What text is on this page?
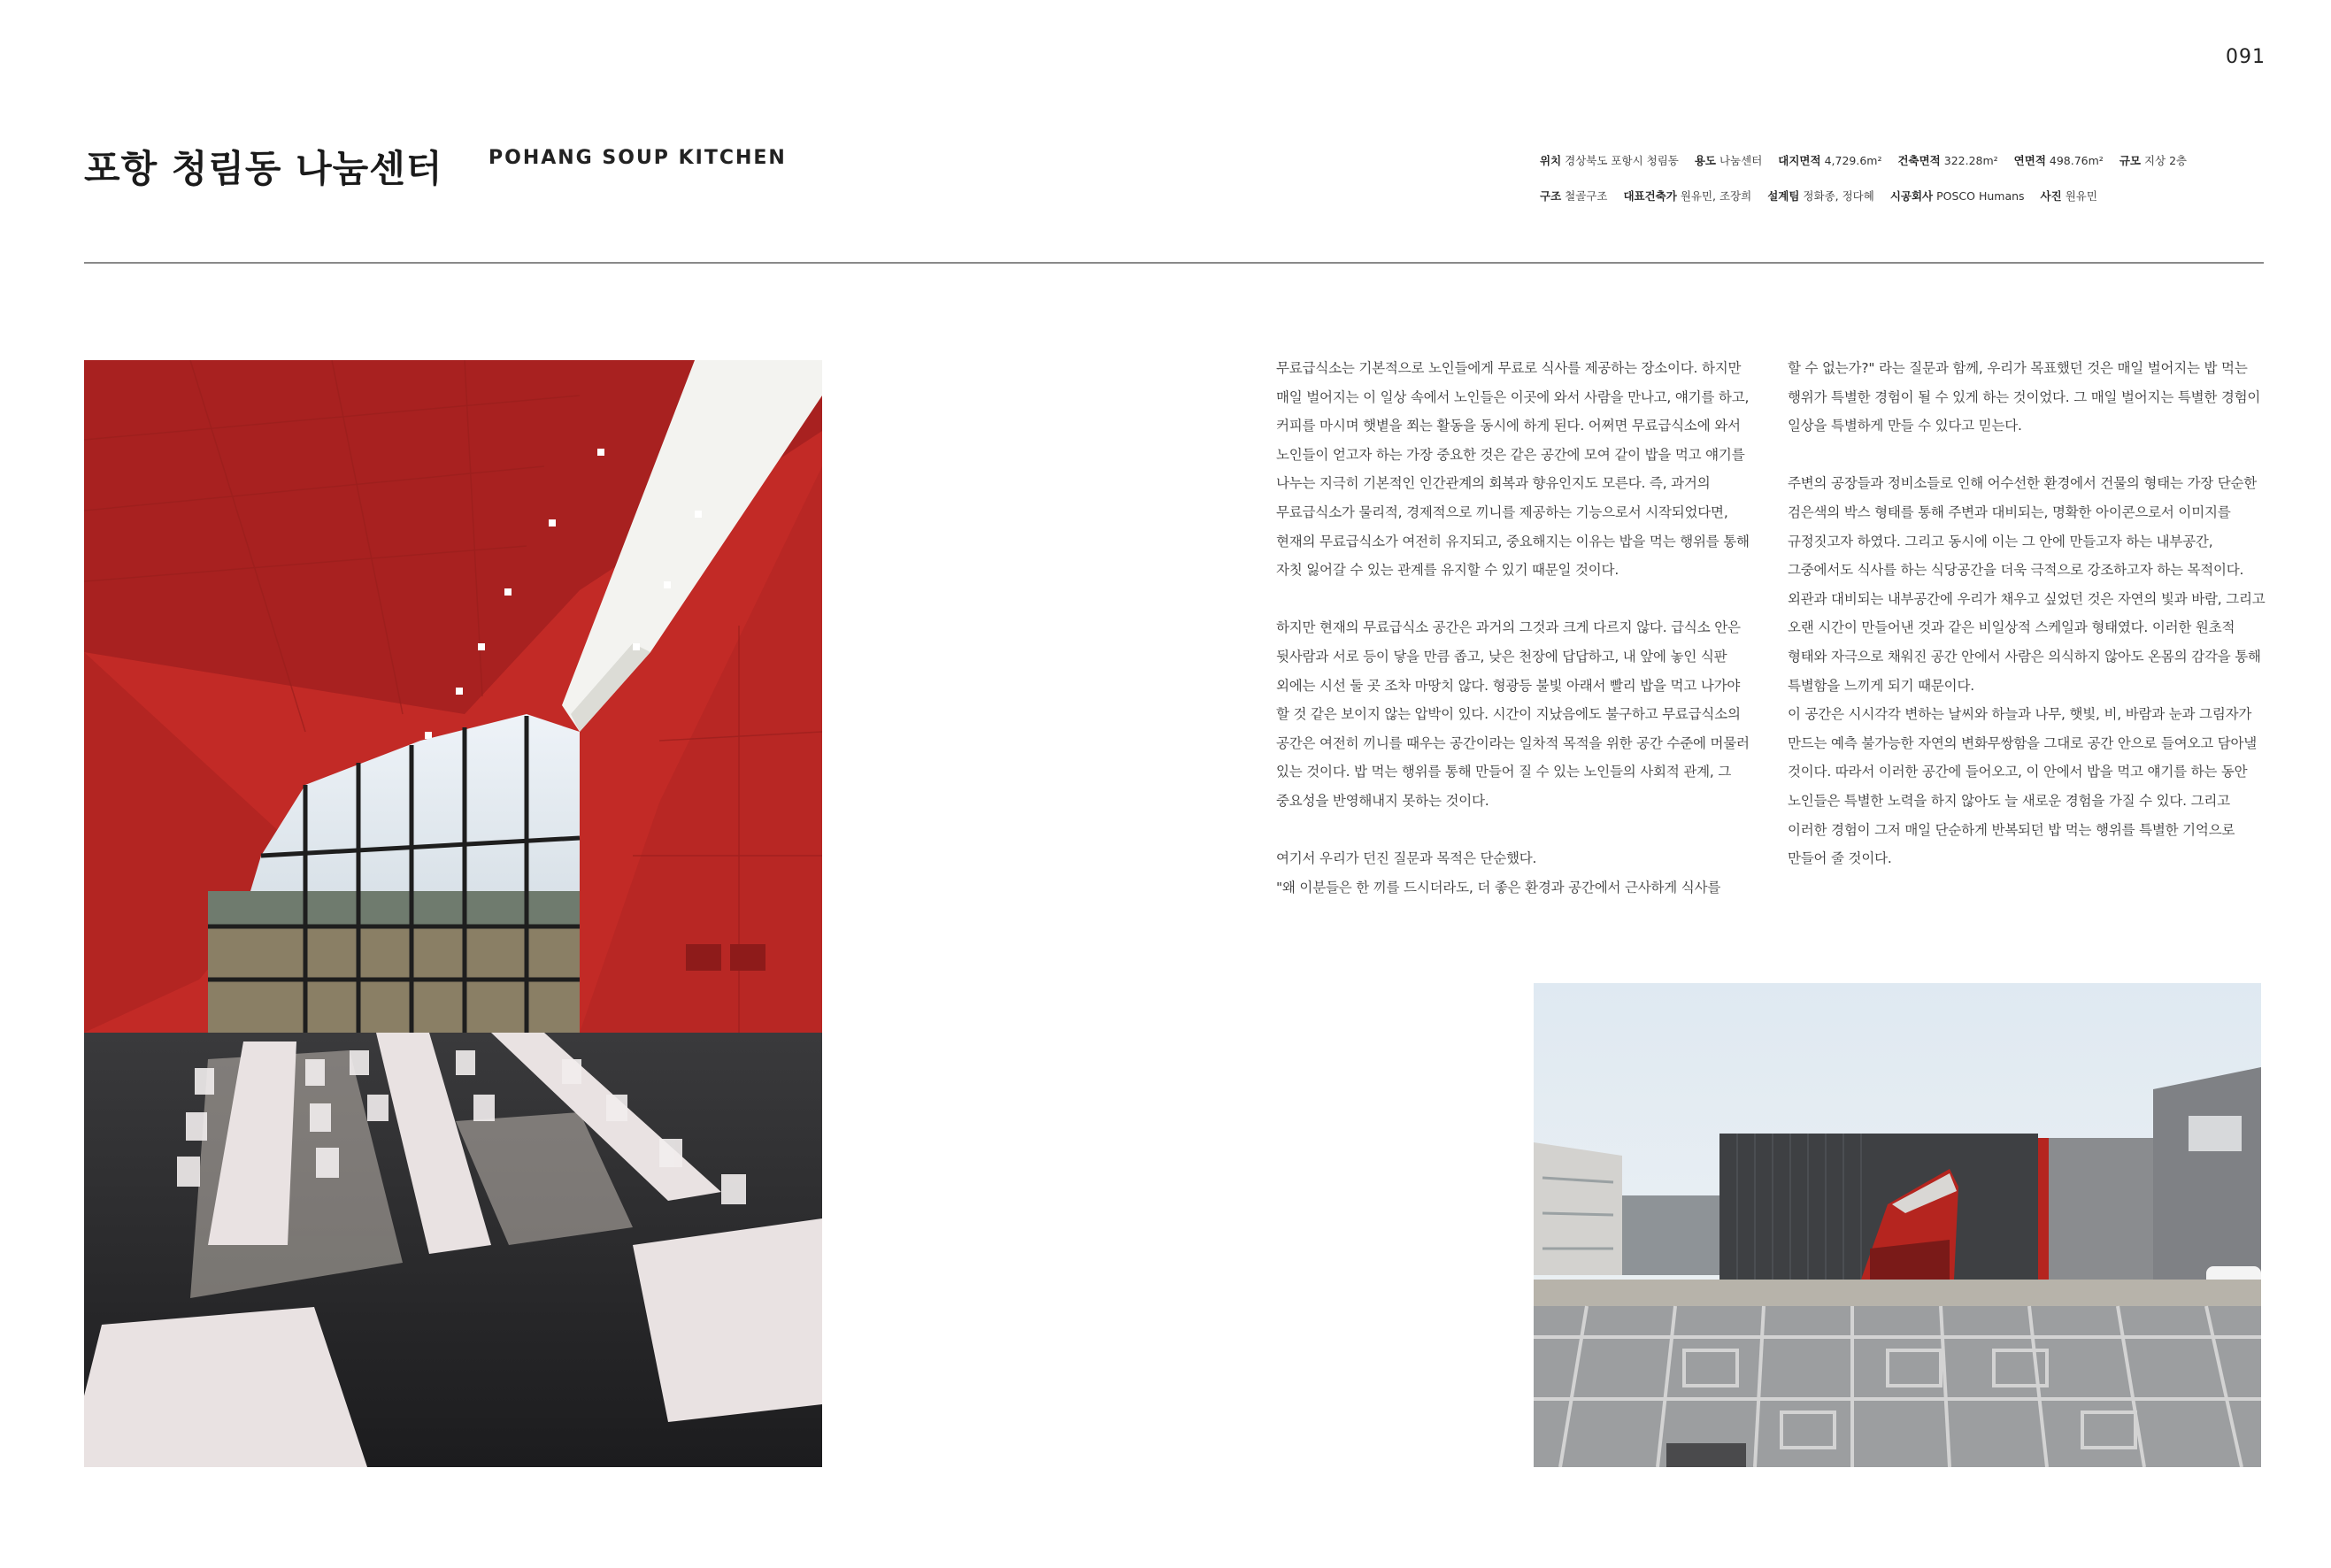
091
포항 청림동 나눔센터 POHANG SOUP KITCHEN	위치 경상북도 포항시 청림동 용도 나눔센터 대지면적 4,729.6m² 건축면적 322.28m² 연면적 498.76m² 규모 지상 2층 구조 철골구조 대표건축가 원유민, 조장희 설계팀 정화종, 정다혜 시공회사 POSCO Humans 사진 원유민

무료급식소는 기본적으로 노인들에게 무료로 식사를 제공하는 장소이다. 하지만 매일 벌어지는 이 일상 속에서 노인들은 이곳에 와서 사람을 만나고, 얘기를 하고, 커피를 마시며 햇볕을 쬐는 활동을 동시에 하게 된다. 어쩌면 무료급식소에 와서 노인들이 얻고자 하는 가장 중요한 것은 같은 공간에 모여 같이 밥을 먹고 얘기를 나누는 지극히 기본적인 인간관계의 회복과 향유인지도 모른다. 즉, 과거의 무료급식소가 물리적, 경제적으로 끼니를 제공하는 기능으로서 시작되었다면, 현재의 무료급식소가 여전히 유지되고, 중요해지는 이유는 밥을 먹는 행위를 통해 자칫 잃어갈 수 있는 관계를 유지할 수 있기 때문일 것이다.

하지만 현재의 무료급식소 공간은 과거의 그것과 크게 다르지 않다. 급식소 안은 뒷사람과 서로 등이 닿을 만큼 좁고, 낮은 천장에 답답하고, 내 앞에 놓인 식판 외에는 시선 둘 곳 조차 마땅치 않다. 형광등 불빛 아래서 빨리 밥을 먹고 나가야 할 것 같은 보이지 않는 압박이 있다. 시간이 지났음에도 불구하고 무료급식소의 공간은 여전히 끼니를 때우는 공간이라는 일차적 목적을 위한 공간 수준에 머물러 있는 것이다. 밥 먹는 행위를 통해 만들어 질 수 있는 노인들의 사회적 관계, 그 중요성을 반영해내지 못하는 것이다.

여기서 우리가 던진 질문과 목적은 단순했다.

"왜 이분들은 한 끼를 드시더라도, 더 좋은 환경과 공간에서 근사하게 식사를

할 수 없는가?" 라는 질문과 함께, 우리가 목표했던 것은 매일 벌어지는 밥 먹는 행위가 특별한 경험이 될 수 있게 하는 것이었다. 그 매일 벌어지는 특별한 경험이 일상을 특별하게 만들 수 있다고 믿는다.

주변의 공장들과 정비소들로 인해 어수선한 환경에서 건물의 형태는 가장 단순한 검은색의 박스 형태를 통해 주변과 대비되는, 명확한 아이콘으로서 이미지를 규정짓고자 하였다. 그리고 동시에 이는 그 안에 만들고자 하는 내부공간, 그중에서도 식사를 하는 식당공간을 더욱 극적으로 강조하고자 하는 목적이다.

외관과 대비되는 내부공간에 우리가 채우고 싶었던 것은 자연의 빛과 바람, 그리고 오랜 시간이 만들어낸 것과 같은 비일상적 스케일과 형태였다. 이러한 원초적 형태와 자극으로 채워진 공간 안에서 사람은 의식하지 않아도 온몸의 감각을 통해 특별함을 느끼게 되기 때문이다.

이 공간은 시시각각 변하는 날씨와 하늘과 나무, 햇빛, 비, 바람과 눈과 그림자가 만드는 예측 불가능한 자연의 변화무쌍함을 그대로 공간 안으로 들여오고 담아낼 것이다. 따라서 이러한 공간에 들어오고, 이 안에서 밥을 먹고 얘기를 하는 동안 노인들은 특별한 노력을 하지 않아도 늘 새로운 경험을 가질 수 있다. 그리고 이러한 경험이 그저 매일 단순하게 반복되던 밥 먹는 행위를 특별한 기억으로 만들어 줄 것이다.
